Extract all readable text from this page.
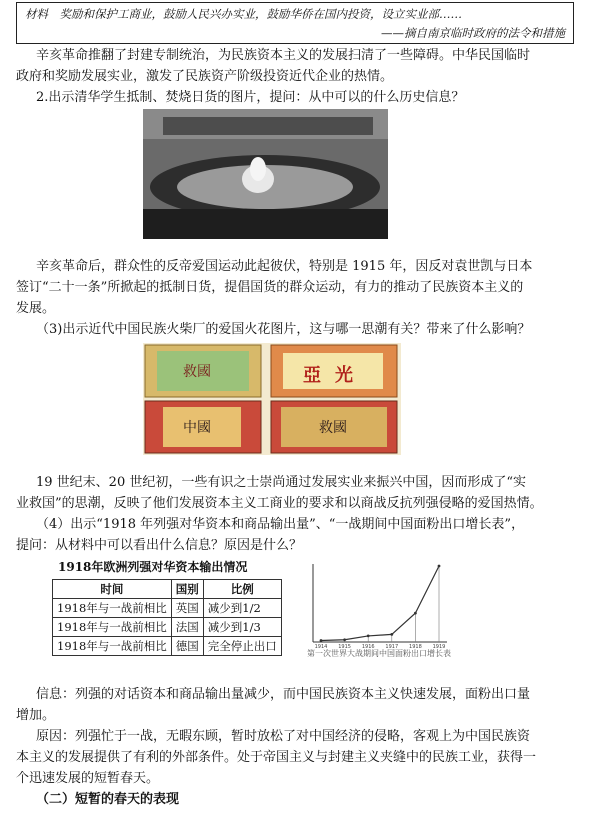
材料　奖励和保护工商业，鼓励人民兴办实业，鼓励华侨在国内投资，设立实业部……
——摘自南京临时政府的法令和措施
辛亥革命推翻了封建专制统治，为民族资本主义的发展扫清了一些障碍。中华民国临时
政府和奖励发展实业，激发了民族资产阶级投资近代企业的热情。
2.出示清华学生抵制、焚烧日货的图片，提问：从中可以的什么历史信息？
辛亥革命后，群众性的反帝爱国运动此起彼伏，特别是 1915 年，因反对袁世凯与日本
签订“二十一条”所掀起的抵制日货，提倡国货的群众运动，有力的推动了民族资本主义的
发展。
（3)出示近代中国民族火柴厂的爱国火花图片，这与哪一思潮有关？带来了什么影响？
救國	亞光
中國	救國
19 世纪末、20 世纪初，一些有识之士崇尚通过发展实业来振兴中国，因而形成了“实
业救国”的思潮，反映了他们发展资本主义工商业的要求和以商战反抗列强侵略的爱国热情。
（4）出示“1918 年列强对华资本和商品输出量”、“一战期间中国面粉出口增长表”，
提问：从材料中可以看出什么信息？原因是什么？
1918年欧洲列强对华资本输出情况
时间	国别	比例
1918年与一战前相比	英国	减少到1/2
1918年与一战前相比	法国	减少到1/3
1918年与一战前相比	德国	完全停止出口	1914 1915 1916 1917 1918 1919
第一次世界大战期间中国面粉出口增长表
信息：列强的对话资本和商品输出量减少，而中国民族资本主义快速发展，面粉出口量
增加。
原因：列强忙于一战，无暇东顾，暂时放松了对中国经济的侵略，客观上为中国民族资
本主义的发展提供了有利的外部条件。处于帝国主义与封建主义夹缝中的民族工业，获得一
个迅速发展的短暂春天。
（二）短暂的春天的表现
